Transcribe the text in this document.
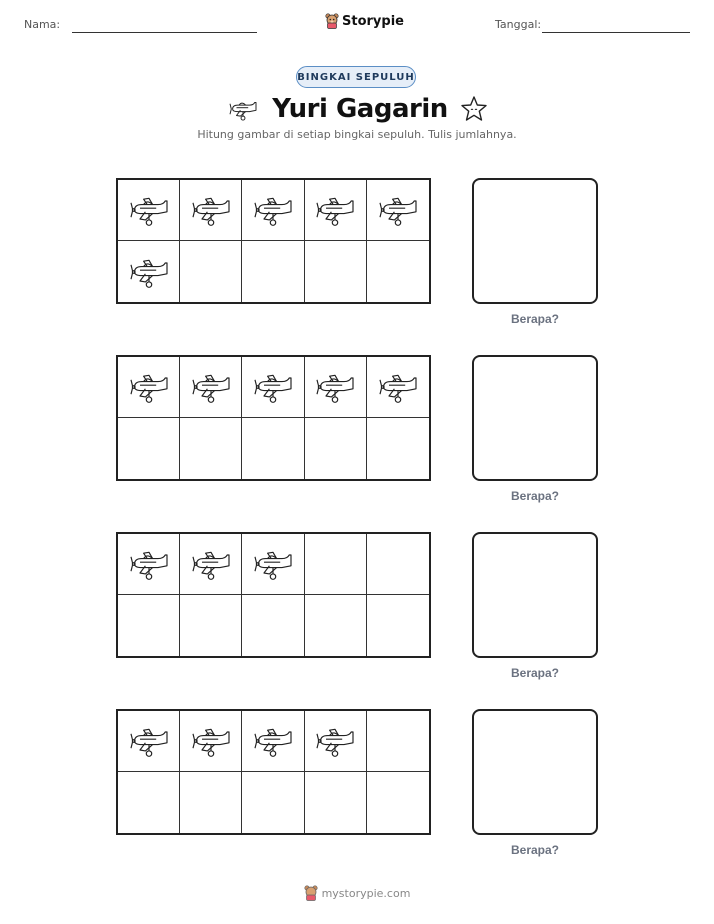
Nama:	Storypie	Tanggal:
BINGKAI SEPULUH
Yuri Gagarin
Hitung gambar di setiap bingkai sepuluh. Tulis jumlahnya.
Berapa?
Berapa?
Berapa?
Berapa?
mystorypie.com
